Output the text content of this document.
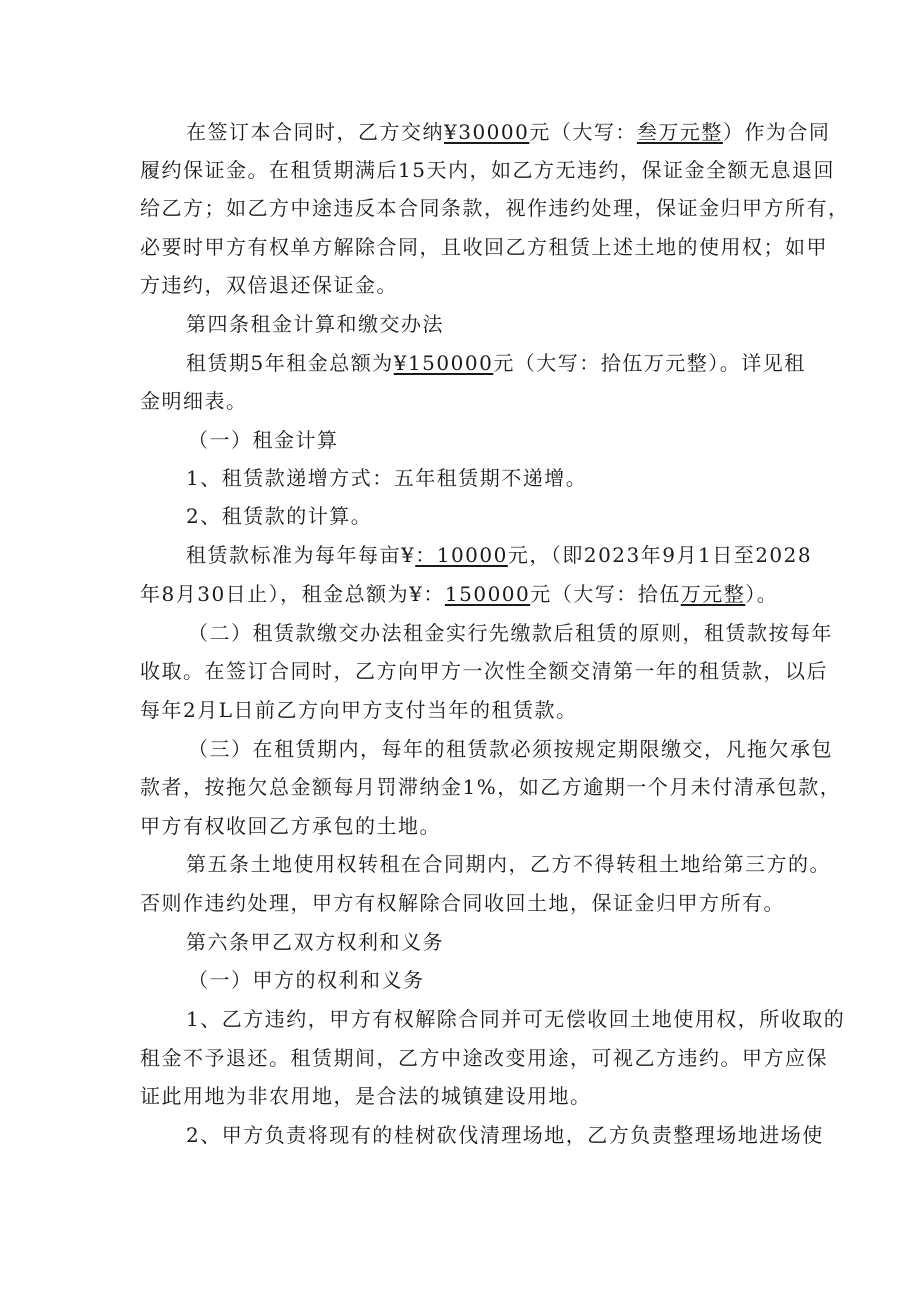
在签订本合同时，乙方交纳¥30000元（大写：叁万元整）作为合同
履约保证金。在租赁期满后15天内，如乙方无违约，保证金全额无息退回
给乙方；如乙方中途违反本合同条款，视作违约处理，保证金归甲方所有，
必要时甲方有权单方解除合同，且收回乙方租赁上述土地的使用权；如甲
方违约，双倍退还保证金。
第四条租金计算和缴交办法
租赁期5年租金总额为¥150000元（大写：拾伍万元整）。详见租
金明细表。
（一）租金计算
1、租赁款递增方式：五年租赁期不递增。
2、租赁款的计算。
租赁款标准为每年每亩¥：10000元，（即2023年9月1日至2028
年8月30日止），租金总额为¥：150000元（大写：拾伍万元整）。
（二）租赁款缴交办法租金实行先缴款后租赁的原则，租赁款按每年
收取。在签订合同时，乙方向甲方一次性全额交清第一年的租赁款，以后
每年2月L日前乙方向甲方支付当年的租赁款。
（三）在租赁期内，每年的租赁款必须按规定期限缴交，凡拖欠承包
款者，按拖欠总金额每月罚滞纳金1%，如乙方逾期一个月未付清承包款，
甲方有权收回乙方承包的土地。
第五条土地使用权转租在合同期内，乙方不得转租土地给第三方的。
否则作违约处理，甲方有权解除合同收回土地，保证金归甲方所有。
第六条甲乙双方权利和义务
（一）甲方的权利和义务
1、乙方违约，甲方有权解除合同并可无偿收回土地使用权，所收取的
租金不予退还。租赁期间，乙方中途改变用途，可视乙方违约。甲方应保
证此用地为非农用地，是合法的城镇建设用地。
2、甲方负责将现有的桂树砍伐清理场地，乙方负责整理场地进场使
